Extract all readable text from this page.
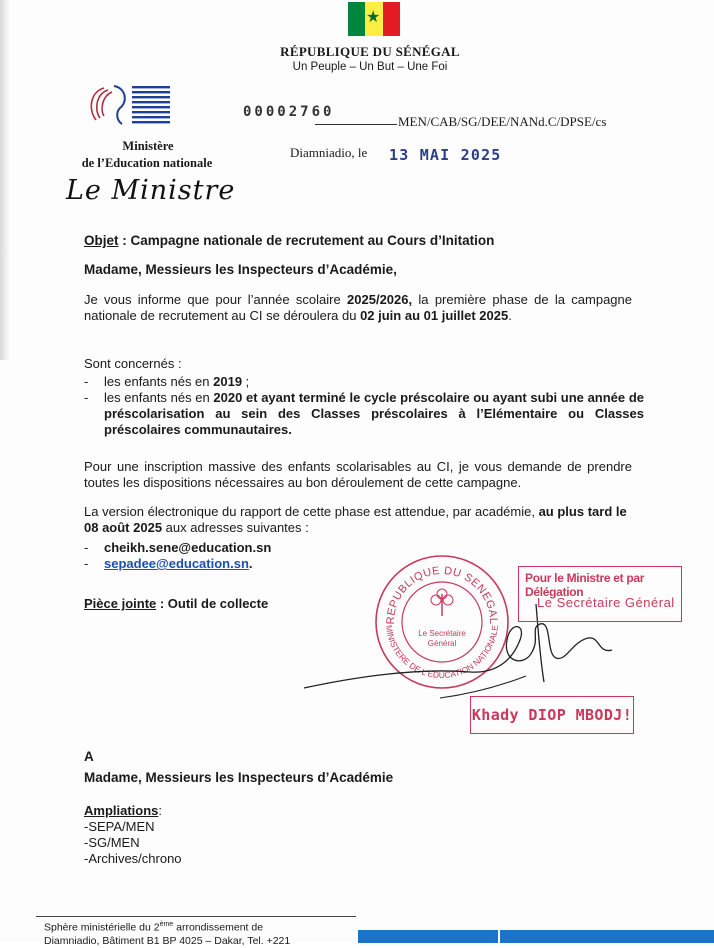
★
RÉPUBLIQUE DU SÉNÉGAL
Un Peuple – Un But – Une Foi
Ministère
de l’Education nationale
Le Ministre
00002760
MEN/CAB/SG/DEE/NANd.C/DPSE/cs
Diamniadio, le 13 MAI 2025
Objet : Campagne nationale de recrutement au Cours d’Initation
Madame, Messieurs les Inspecteurs d’Académie,
Je vous informe que pour l’année scolaire 2025/2026, la première phase de la campagne nationale de recrutement au CI se déroulera du 02 juin au 01 juillet 2025.
Sont concernés :
- les enfants nés en 2019 ;
- les enfants nés en 2020 et ayant terminé le cycle préscolaire ou ayant subi une année de préscolarisation au sein des Classes préscolaires à l’Elémentaire ou Classes préscolaires communautaires.
Pour une inscription massive des enfants scolarisables au CI, je vous demande de prendre toutes les dispositions nécessaires au bon déroulement de cette campagne.
La version électronique du rapport de cette phase est attendue, par académie, au plus tard le 08 août 2025 aux adresses suivantes :
- cheikh.sene@education.sn
- sepadee@education.sn.
Pièce jointe : Outil de collecte
REPUBLIQUE DU SENEGAL
MINISTERE DE L'EDUCATION NATIONALE
Le Secrétaire
Général
Pour le Ministre et par Délégation
Le Secrétaire Général
Khady DIOP MBODJ!
A
Madame, Messieurs les Inspecteurs d’Académie
Ampliations:
-SEPA/MEN
-SG/MEN
-Archives/chrono
Sphère ministérielle du 2ème arrondissement de
Diamniadio, Bâtiment B1 BP 4025 – Dakar, Tel. +221
